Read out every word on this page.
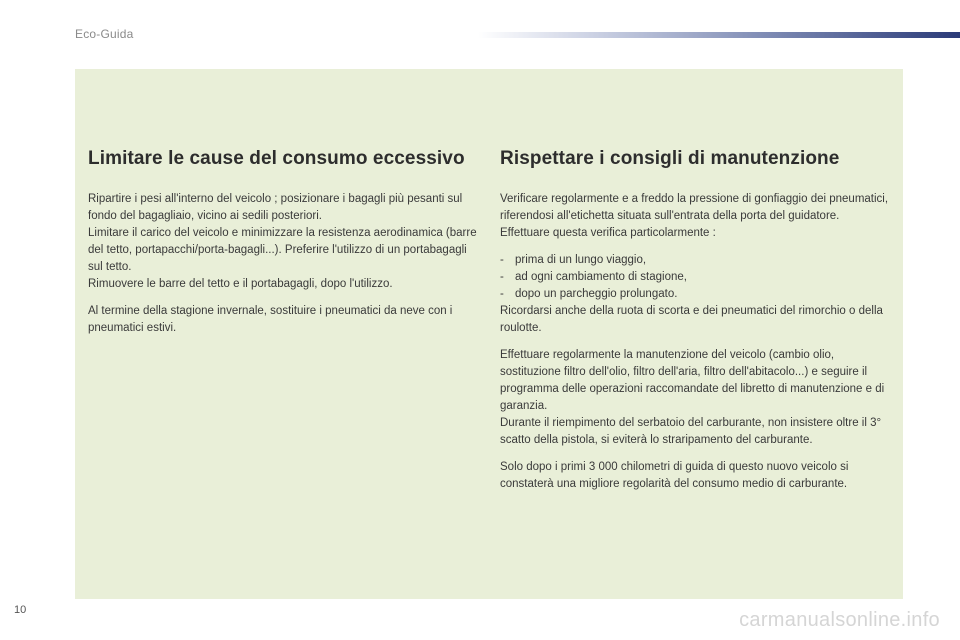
Eco-Guida
Limitare le cause del consumo eccessivo

Ripartire i pesi all'interno del veicolo ; posizionare i bagagli più pesanti sul fondo del bagagliaio, vicino ai sedili posteriori.
Limitare il carico del veicolo e minimizzare la resistenza aerodinamica (barre del tetto, portapacchi/porta-bagagli...). Preferire l'utilizzo di un portabagagli sul tetto.
Rimuovere le barre del tetto e il portabagagli, dopo l'utilizzo.

Al termine della stagione invernale, sostituire i pneumatici da neve con i pneumatici estivi.

Rispettare i consigli di manutenzione

Verificare regolarmente e a freddo la pressione di gonfiaggio dei pneumatici, riferendosi all'etichetta situata sull'entrata della porta del guidatore.
Effettuare questa verifica particolarmente :

- prima di un lungo viaggio,
- ad ogni cambiamento di stagione,
- dopo un parcheggio prolungato.
Ricordarsi anche della ruota di scorta e dei pneumatici del rimorchio o della roulotte.

Effettuare regolarmente la manutenzione del veicolo (cambio olio, sostituzione filtro dell'olio, filtro dell'aria, filtro dell'abitacolo...) e seguire il programma delle operazioni raccomandate del libretto di manutenzione e di garanzia.
Durante il riempimento del serbatoio del carburante, non insistere oltre il 3° scatto della pistola, si eviterà lo straripamento del carburante.

Solo dopo i primi 3 000 chilometri di guida di questo nuovo veicolo si constaterà una migliore regolarità del consumo medio di carburante.

10	carmanualsonline.info
